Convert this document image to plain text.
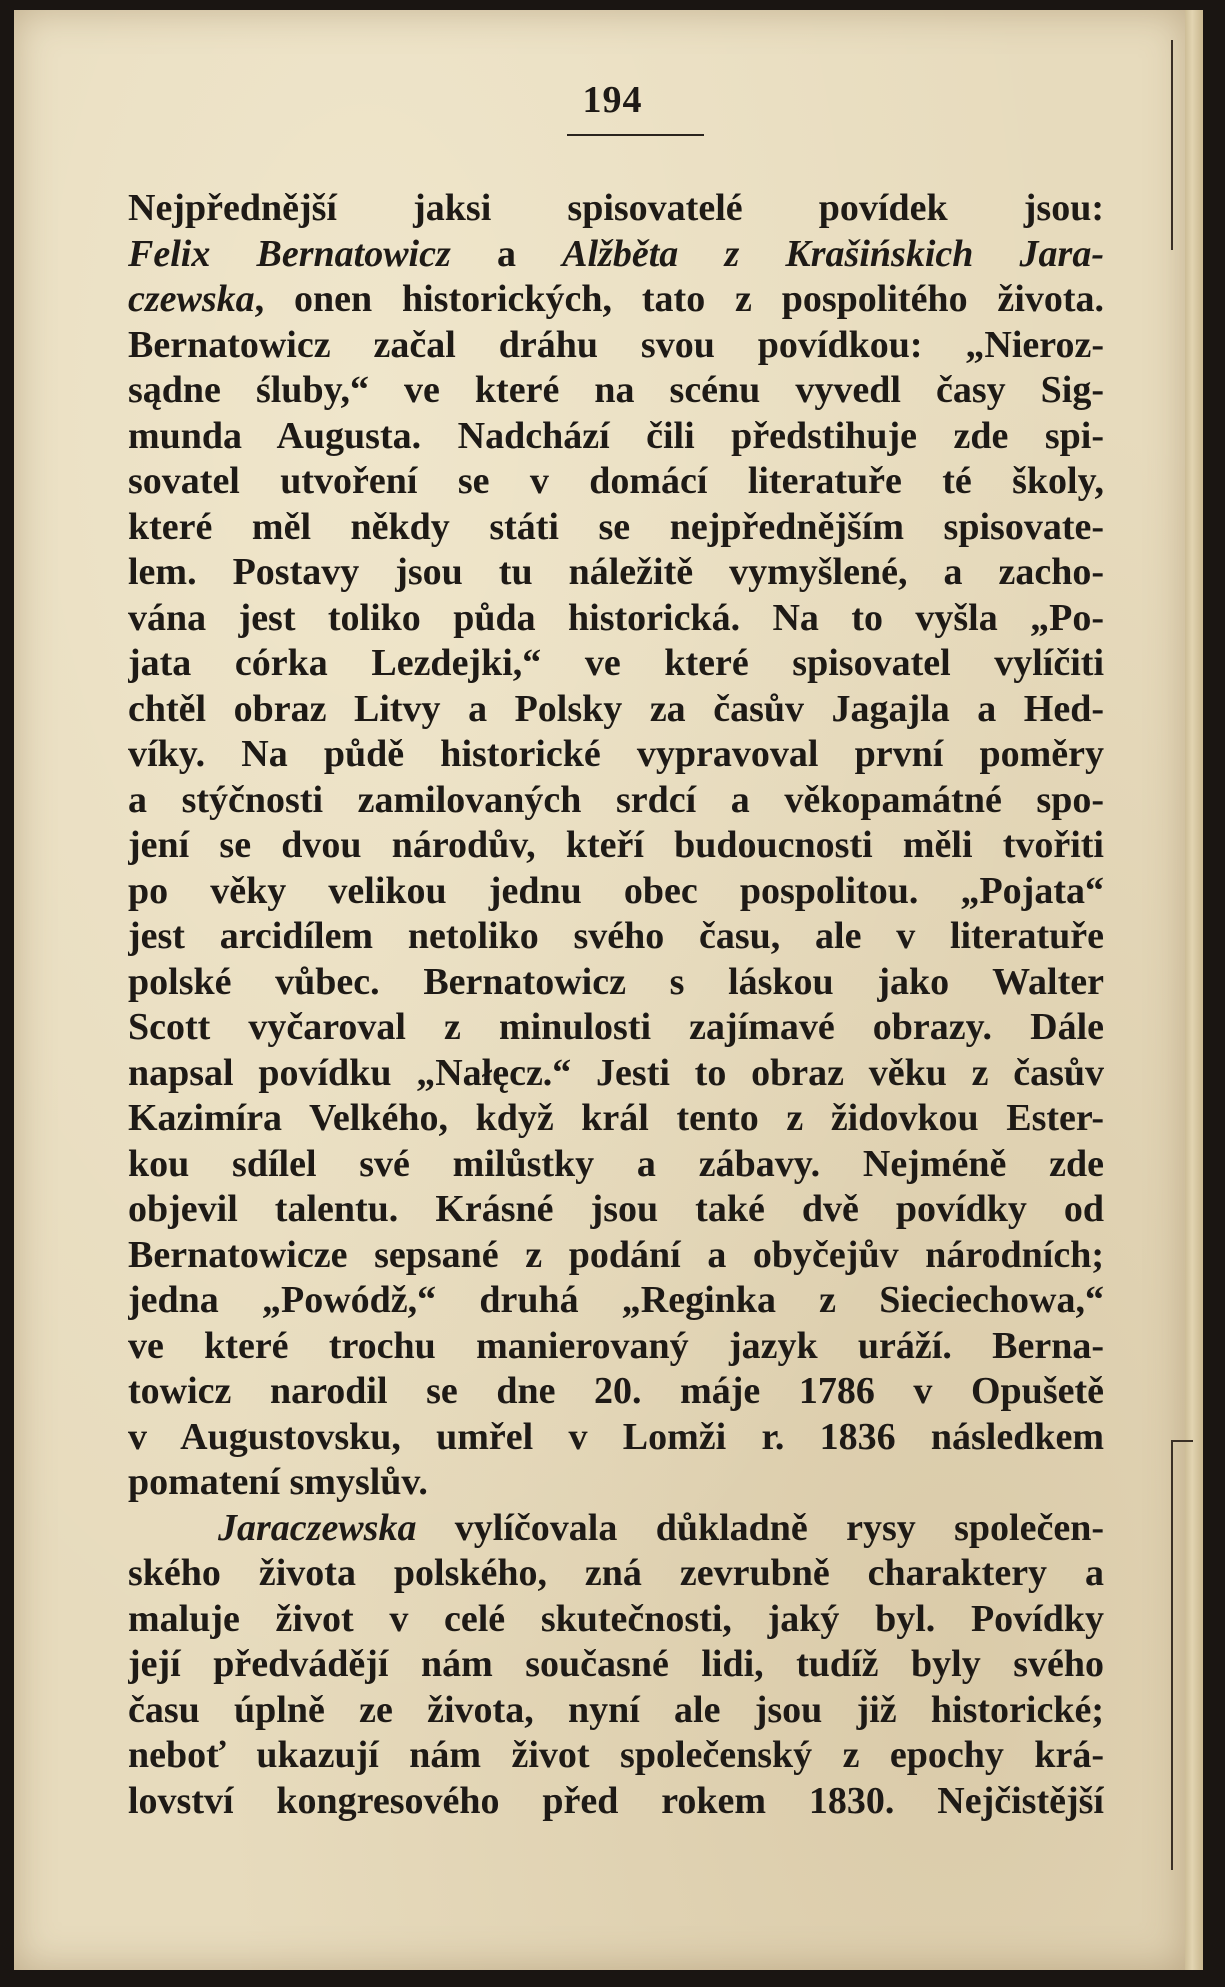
194
Nejpřednější jaksi spisovatelé povídek jsou:
Felix Bernatowicz a Alžběta z Krašińskich Jara-
czewska, onen historických, tato z pospolitého života.
Bernatowicz začal dráhu svou povídkou: „Nieroz-
sądne śluby,“ ve které na scénu vyvedl časy Sig-
munda Augusta. Nadchází čili předstihuje zde spi-
sovatel utvoření se v domácí literatuře té školy,
které měl někdy státi se nejpřednějším spisovate-
lem. Postavy jsou tu náležitě vymyšlené, a zacho-
vána jest toliko půda historická. Na to vyšla „Po-
jata córka Lezdejki,“ ve které spisovatel vylíčiti
chtěl obraz Litvy a Polsky za časův Jagajla a Hed-
víky. Na půdě historické vypravoval první poměry
a stýčnosti zamilovaných srdcí a věkopamátné spo-
jení se dvou národův, kteří budoucnosti měli tvořiti
po věky velikou jednu obec pospolitou. „Pojata“
jest arcidílem netoliko svého času, ale v literatuře
polské vůbec. Bernatowicz s láskou jako Walter
Scott vyčaroval z minulosti zajímavé obrazy. Dále
napsal povídku „Nałęcz.“ Jesti to obraz věku z časův
Kazimíra Velkého, když král tento z židovkou Ester-
kou sdílel své milůstky a zábavy. Nejméně zde
objevil talentu. Krásné jsou také dvě povídky od
Bernatowicze sepsané z podání a obyčejův národních;
jedna „Powódž,“ druhá „Reginka z Sieciechowa,“
ve které trochu manierovaný jazyk uráží. Berna-
towicz narodil se dne 20. máje 1786 v Opušetě
v Augustovsku, umřel v Lomži r. 1836 následkem
pomatení smyslův.
Jaraczewska vylíčovala důkladně rysy společen-
ského života polského, zná zevrubně charaktery a
maluje život v celé skutečnosti, jaký byl. Povídky
její předvádějí nám současné lidi, tudíž byly svého
času úplně ze života, nyní ale jsou již historické;
neboť ukazují nám život společenský z epochy krá-
lovství kongresového před rokem 1830. Nejčistější
